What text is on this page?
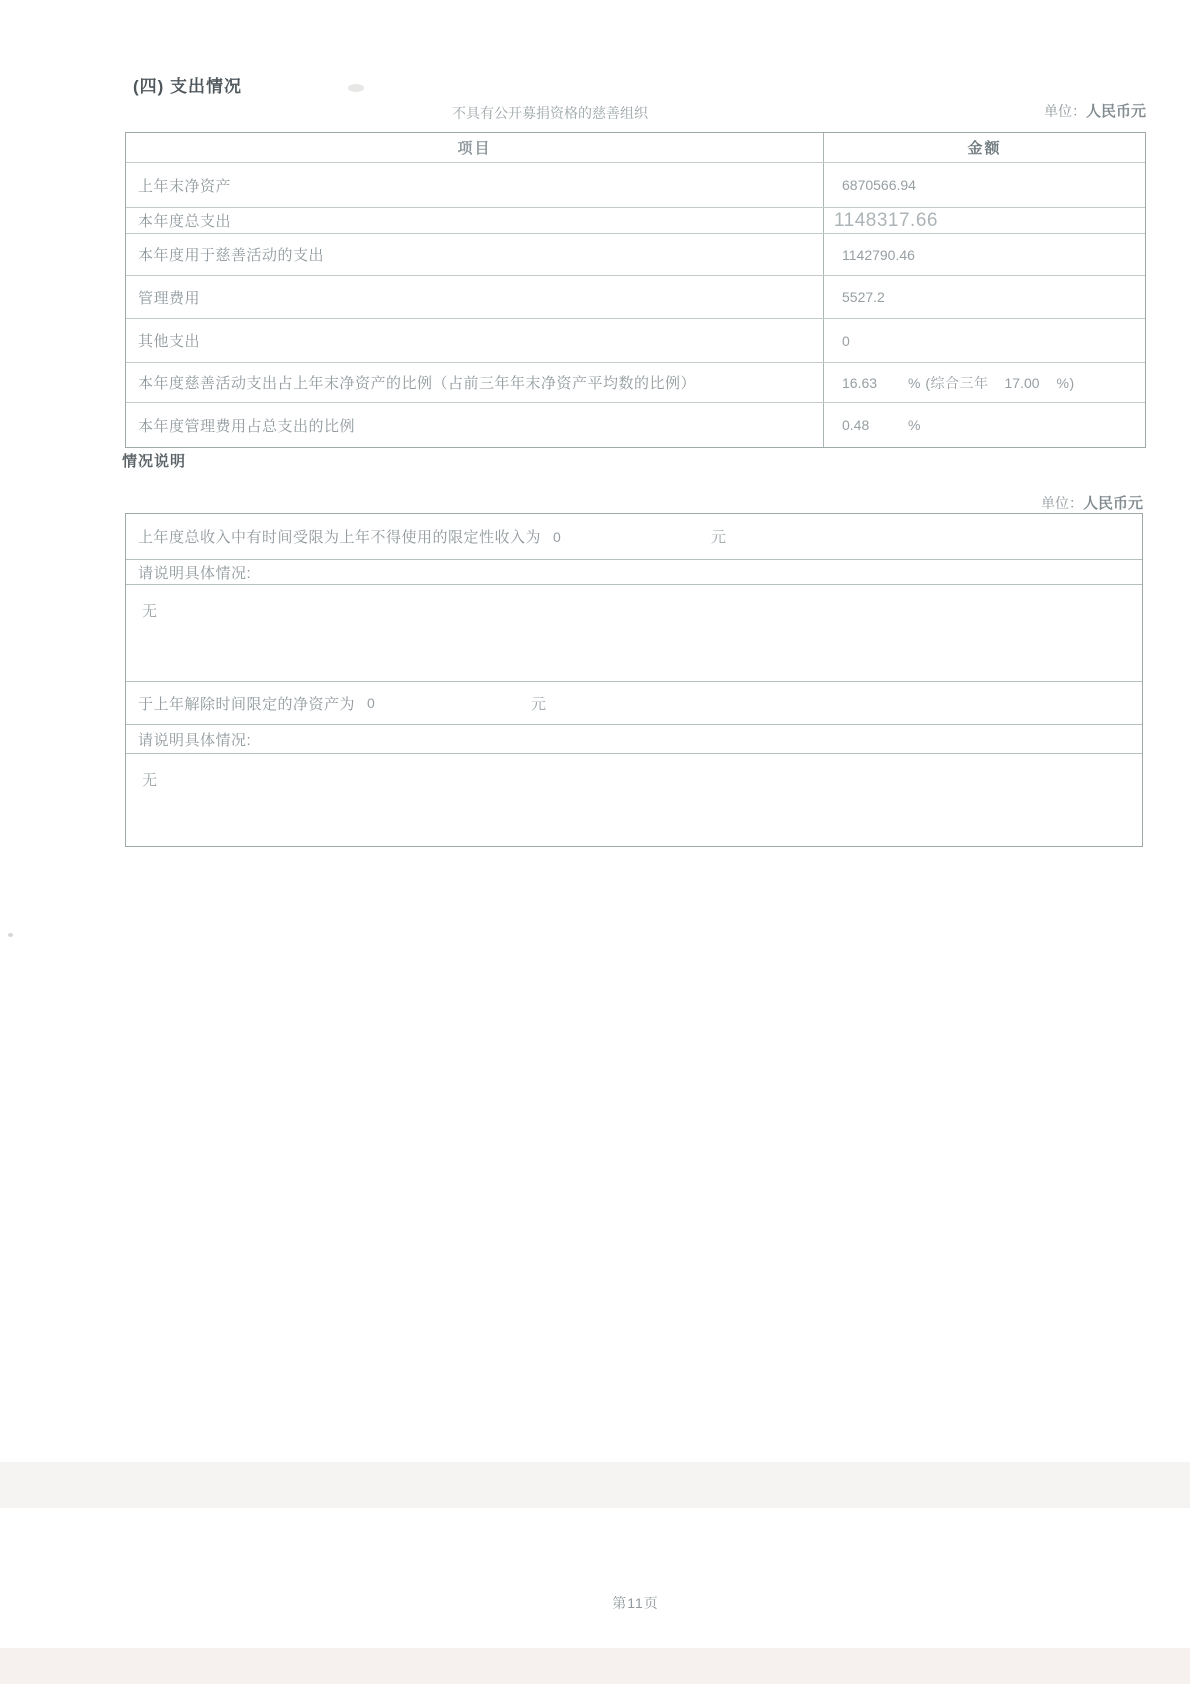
(四) 支出情况
不具有公开募捐资格的慈善组织	单位：人民币元
项目	金额
上年末净资产	6870566.94
本年度总支出	1148317.66
本年度用于慈善活动的支出	1142790.46
管理费用	5527.2
其他支出	0
本年度慈善活动支出占上年末净资产的比例（占前三年年末净资产平均数的比例）	16.63	% (综合三年 17.00	%)
本年度管理费用占总支出的比例	0.48	%
情况说明
单位：人民币元
上年度总收入中有时间受限为上年不得使用的限定性收入为 0	元
请说明具体情况:
无
于上年解除时间限定的净资产为 0	元
请说明具体情况:
无
第11页
